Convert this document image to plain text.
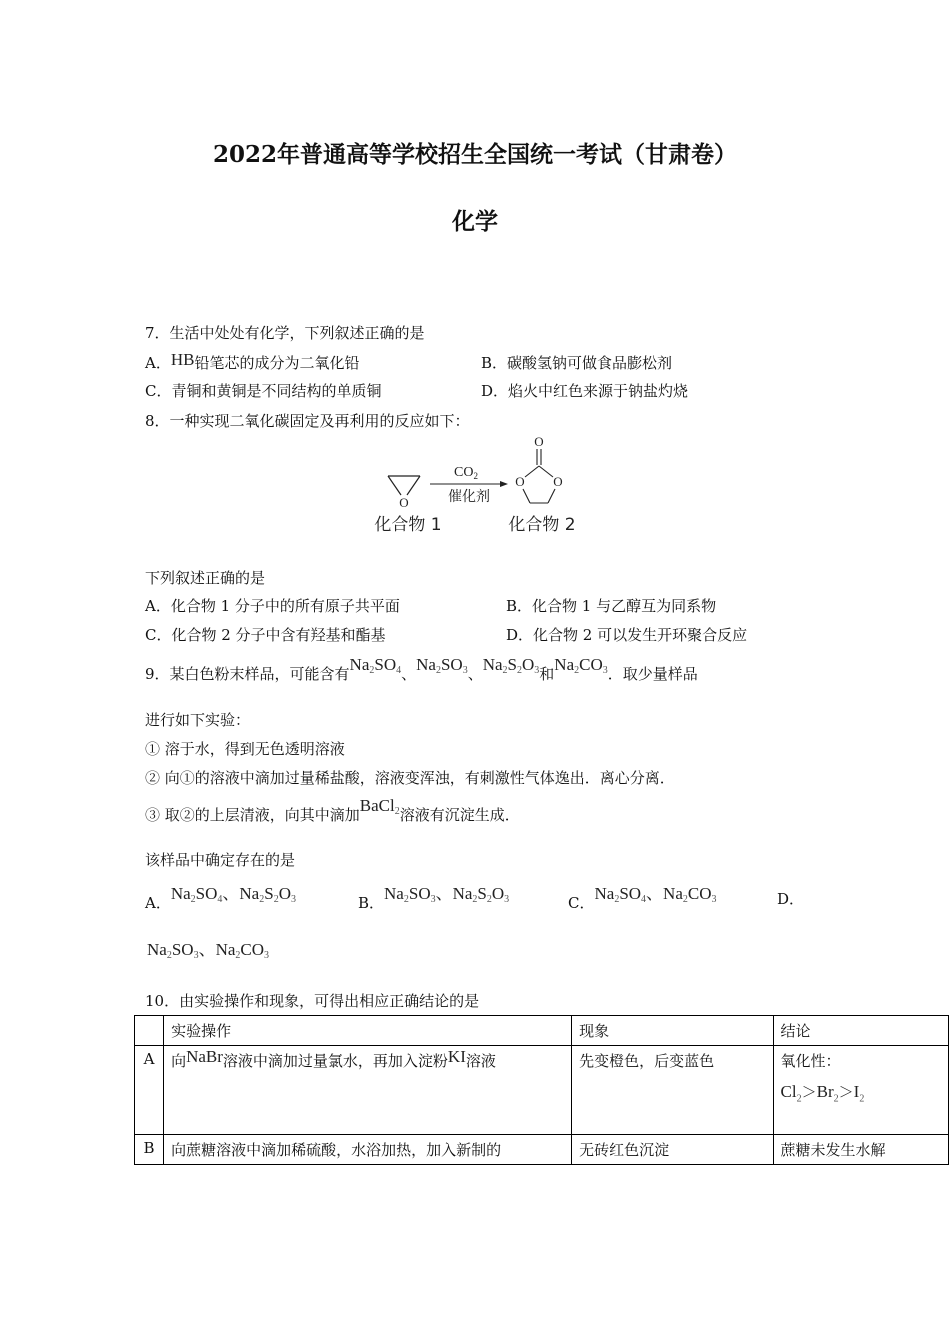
2022年普通高等学校招生全国统一考试（甘肃卷）
化学
7．生活中处处有化学，下列叙述正确的是
A．HB铅笔芯的成分为二氧化铅	B．碳酸氢钠可做食品膨松剂
C．青铜和黄铜是不同结构的单质铜	D．焰火中红色来源于钠盐灼烧
8．一种实现二氧化碳固定及再利用的反应如下：
O
$CO_2$
催化剂
O
O O
化合物 1	化合物 2
下列叙述正确的是
A．化合物 1 分子中的所有原子共平面	B．化合物 1 与乙醇互为同系物
C．化合物 2 分子中含有羟基和酯基	D．化合物 2 可以发生开环聚合反应
9．某白色粉末样品，可能含有$Na_2SO_4$、$Na_2SO_3$、$Na_2S_2O_3$和$Na_2CO_3$．取少量样品
进行如下实验：
① 溶于水，得到无色透明溶液
② 向①的溶液中滴加过量稀盐酸，溶液变浑浊，有刺激性气体逸出．离心分离．
③ 取②的上层清液，向其中滴加BaCl$_2$溶液有沉淀生成．
该样品中确定存在的是
A．$Na_2SO_4$、$Na_2S_2O_3$	B．$Na_2SO_3$、$Na_2S_2O_3$	C．$Na_2SO_4$、$Na_2CO_3$	D．
$Na_2SO_3$、$Na_2CO_3$
10．由实验操作和现象，可得出相应正确结论的是
	实验操作	现象	结论
A	向NaBr溶液中滴加过量氯水，再加入淀粉KI溶液	先变橙色，后变蓝色	氧化性：
$Cl_2>Br_2>I_2$

B	向蔗糖溶液中滴加稀硫酸，水浴加热，加入新制的	无砖红色沉淀	蔗糖未发生水解
